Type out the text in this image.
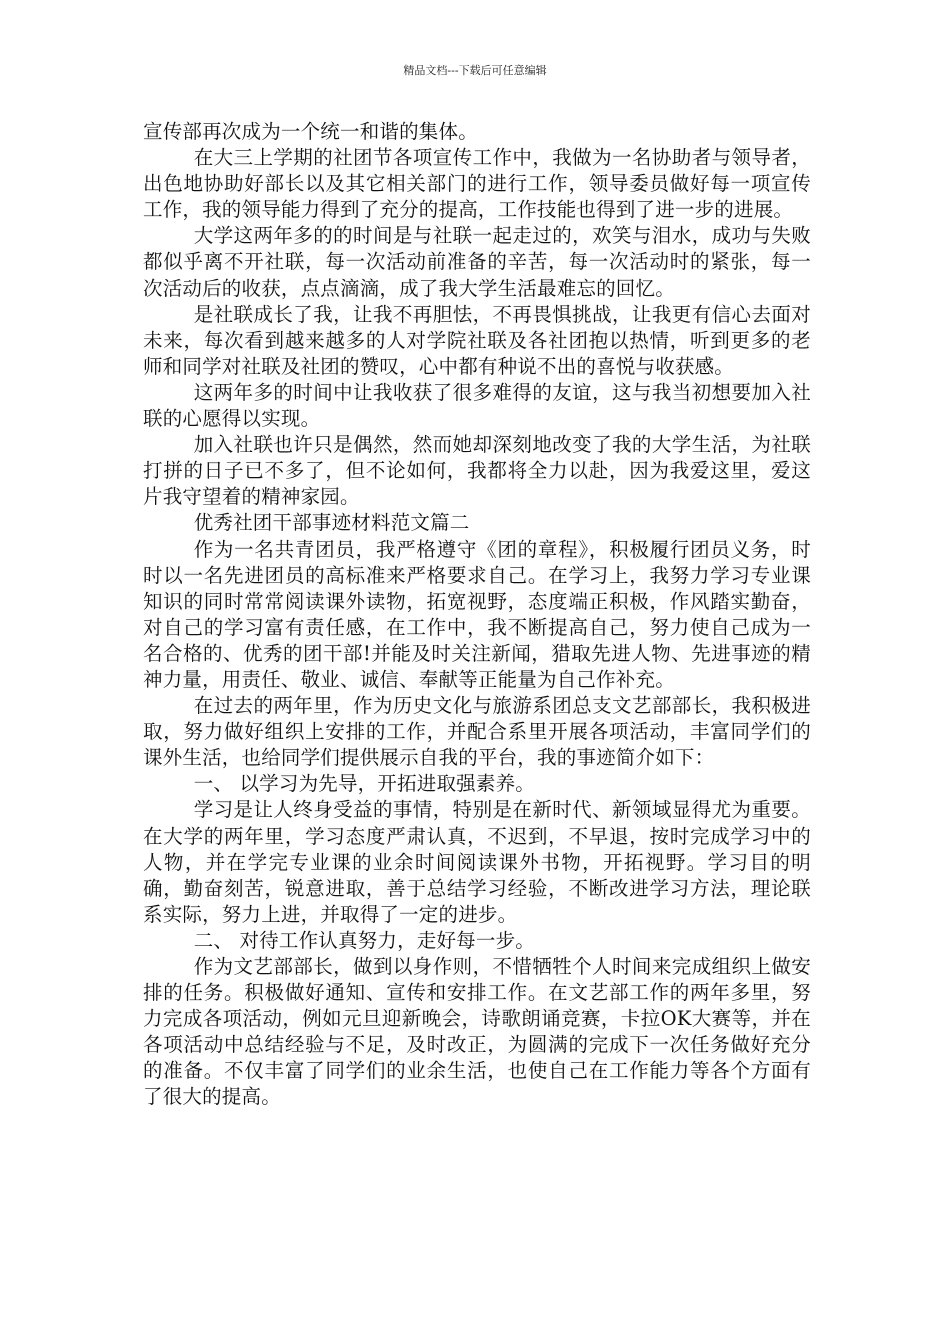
精品文档---下载后可任意编辑

宣传部再次成为一个统一和谐的集体。

在大三上学期的社团节各项宣传工作中，我做为一名协助者与领导者，出色地协助好部长以及其它相关部门的进行工作，领导委员做好每一项宣传工作，我的领导能力得到了充分的提高，工作技能也得到了进一步的进展。

大学这两年多的的时间是与社联一起走过的，欢笑与泪水，成功与失败都似乎离不开社联，每一次活动前准备的辛苦，每一次活动时的紧张，每一次活动后的收获，点点滴滴，成了我大学生活最难忘的回忆。

是社联成长了我，让我不再胆怯，不再畏惧挑战，让我更有信心去面对未来，每次看到越来越多的人对学院社联及各社团抱以热情，听到更多的老师和同学对社联及社团的赞叹，心中都有种说不出的喜悦与收获感。

这两年多的时间中让我收获了很多难得的友谊，这与我当初想要加入社联的心愿得以实现。

加入社联也许只是偶然，然而她却深刻地改变了我的大学生活，为社联打拼的日子已不多了，但不论如何，我都将全力以赴，因为我爱这里，爱这片我守望着的精神家园。

优秀社团干部事迹材料范文篇二

作为一名共青团员，我严格遵守《团的章程》，积极履行团员义务，时时以一名先进团员的高标准来严格要求自己。在学习上，我努力学习专业课知识的同时常常阅读课外读物，拓宽视野，态度端正积极，作风踏实勤奋，对自己的学习富有责任感，在工作中，我不断提高自己，努力使自己成为一名合格的、优秀的团干部!并能及时关注新闻，猎取先进人物、先进事迹的精神力量，用责任、敬业、诚信、奉献等正能量为自己作补充。

在过去的两年里，作为历史文化与旅游系团总支文艺部部长，我积极进取，努力做好组织上安排的工作，并配合系里开展各项活动，丰富同学们的课外生活，也给同学们提供展示自我的平台，我的事迹简介如下：

一、 以学习为先导，开拓进取强素养。

学习是让人终身受益的事情，特别是在新时代、新领域显得尤为重要。在大学的两年里，学习态度严肃认真，不迟到，不早退，按时完成学习中的人物，并在学完专业课的业余时间阅读课外书物，开拓视野。学习目的明确，勤奋刻苦，锐意进取，善于总结学习经验，不断改进学习方法，理论联系实际，努力上进，并取得了一定的进步。

二、 对待工作认真努力，走好每一步。

作为文艺部部长，做到以身作则，不惜牺牲个人时间来完成组织上做安排的任务。积极做好通知、宣传和安排工作。在文艺部工作的两年多里，努力完成各项活动，例如元旦迎新晚会，诗歌朗诵竞赛，卡拉OK大赛等，并在各项活动中总结经验与不足，及时改正，为圆满的完成下一次任务做好充分的准备。不仅丰富了同学们的业余生活，也使自己在工作能力等各个方面有了很大的提高。
